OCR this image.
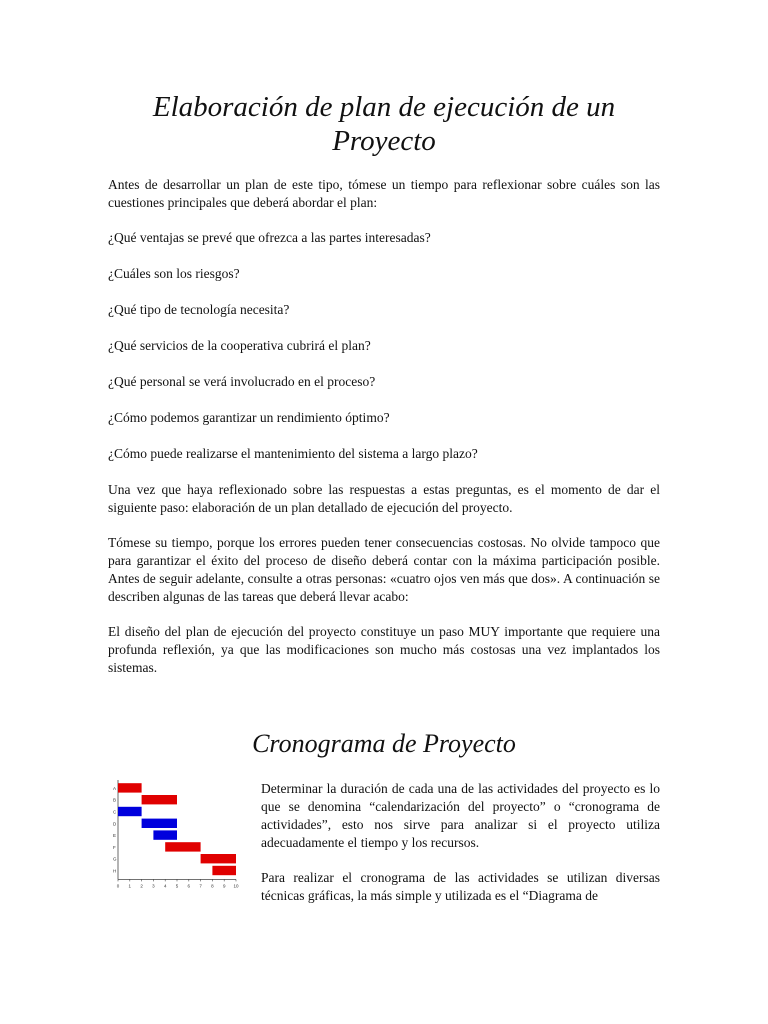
Elaboración de plan de ejecución de un Proyecto

Antes de desarrollar un plan de este tipo, tómese un tiempo para reflexionar sobre cuáles son las cuestiones principales que deberá abordar el plan:

¿Qué ventajas se prevé que ofrezca a las partes interesadas?

¿Cuáles son los riesgos?

¿Qué tipo de tecnología necesita?

¿Qué servicios de la cooperativa cubrirá el plan?

¿Qué personal se verá involucrado en el proceso?

¿Cómo podemos garantizar un rendimiento óptimo?

¿Cómo puede realizarse el mantenimiento del sistema a largo plazo?

Una vez que haya reflexionado sobre las respuestas a estas preguntas, es el momento de dar el siguiente paso: elaboración de un plan detallado de ejecución del proyecto.

Tómese su tiempo, porque los errores pueden tener consecuencias costosas. No olvide tampoco que para garantizar el éxito del proceso de diseño deberá contar con la máxima participación posible. Antes de seguir adelante, consulte a otras personas: «cuatro ojos ven más que dos». A continuación se describen algunas de las tareas que deberá llevar acabo:

El diseño del plan de ejecución del proyecto constituye un paso MUY importante que requiere una profunda reflexión, ya que las modificaciones son mucho más costosas una vez implantados los sistemas.

Cronograma de Proyecto
A
B
C
D
E
F
G
H
0 1 2 3 4 5 6 7 8 9 10

Determinar la duración de cada una de las actividades del proyecto es lo que se denomina “calendarización del proyecto” o “cronograma de actividades”, esto nos sirve para analizar si el proyecto utiliza adecuadamente el tiempo y los recursos.

Para realizar el cronograma de las actividades se utilizan diversas técnicas gráficas, la más simple y utilizada es el “Diagrama de
